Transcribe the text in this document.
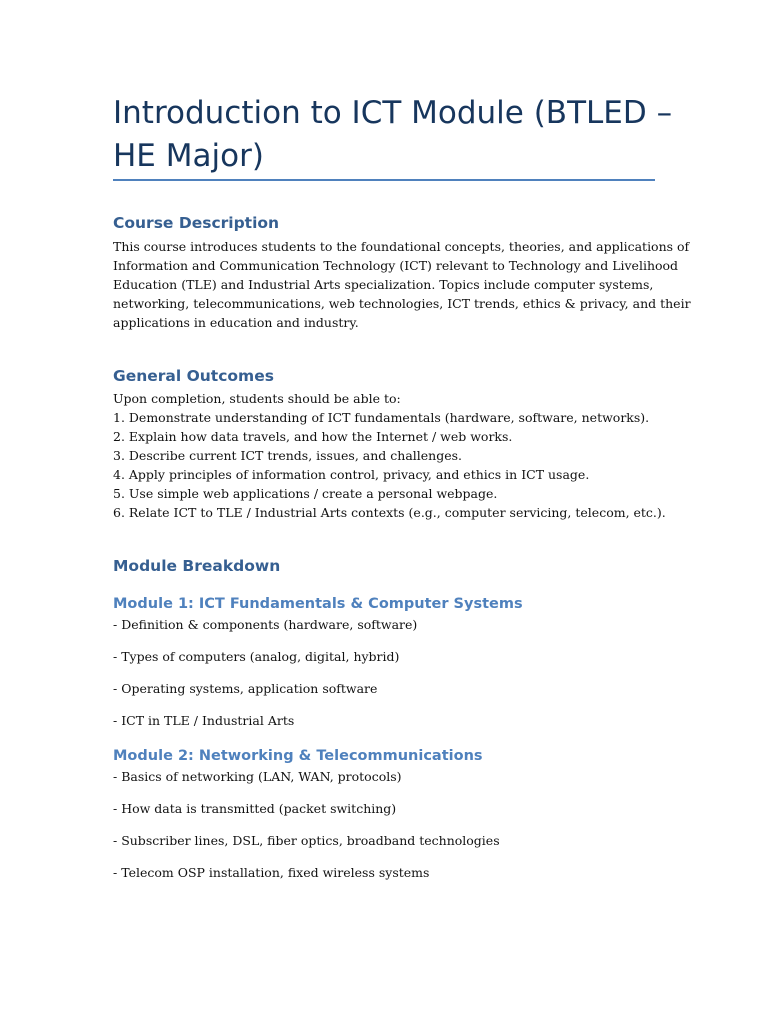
Introduction to ICT Module (BTLED – HE Major)
Course Description
This course introduces students to the foundational concepts, theories, and applications of
Information and Communication Technology (ICT) relevant to Technology and Livelihood
Education (TLE) and Industrial Arts specialization. Topics include computer systems,
networking, telecommunications, web technologies, ICT trends, ethics & privacy, and their
applications in education and industry.
General Outcomes
Upon completion, students should be able to:
1. Demonstrate understanding of ICT fundamentals (hardware, software, networks).
2. Explain how data travels, and how the Internet / web works.
3. Describe current ICT trends, issues, and challenges.
4. Apply principles of information control, privacy, and ethics in ICT usage.
5. Use simple web applications / create a personal webpage.
6. Relate ICT to TLE / Industrial Arts contexts (e.g., computer servicing, telecom, etc.).
Module Breakdown
Module 1: ICT Fundamentals & Computer Systems

- Definition & components (hardware, software)

- Types of computers (analog, digital, hybrid)

- Operating systems, application software

- ICT in TLE / Industrial Arts

Module 2: Networking & Telecommunications

- Basics of networking (LAN, WAN, protocols)

- How data is transmitted (packet switching)

- Subscriber lines, DSL, fiber optics, broadband technologies

- Telecom OSP installation, fixed wireless systems
